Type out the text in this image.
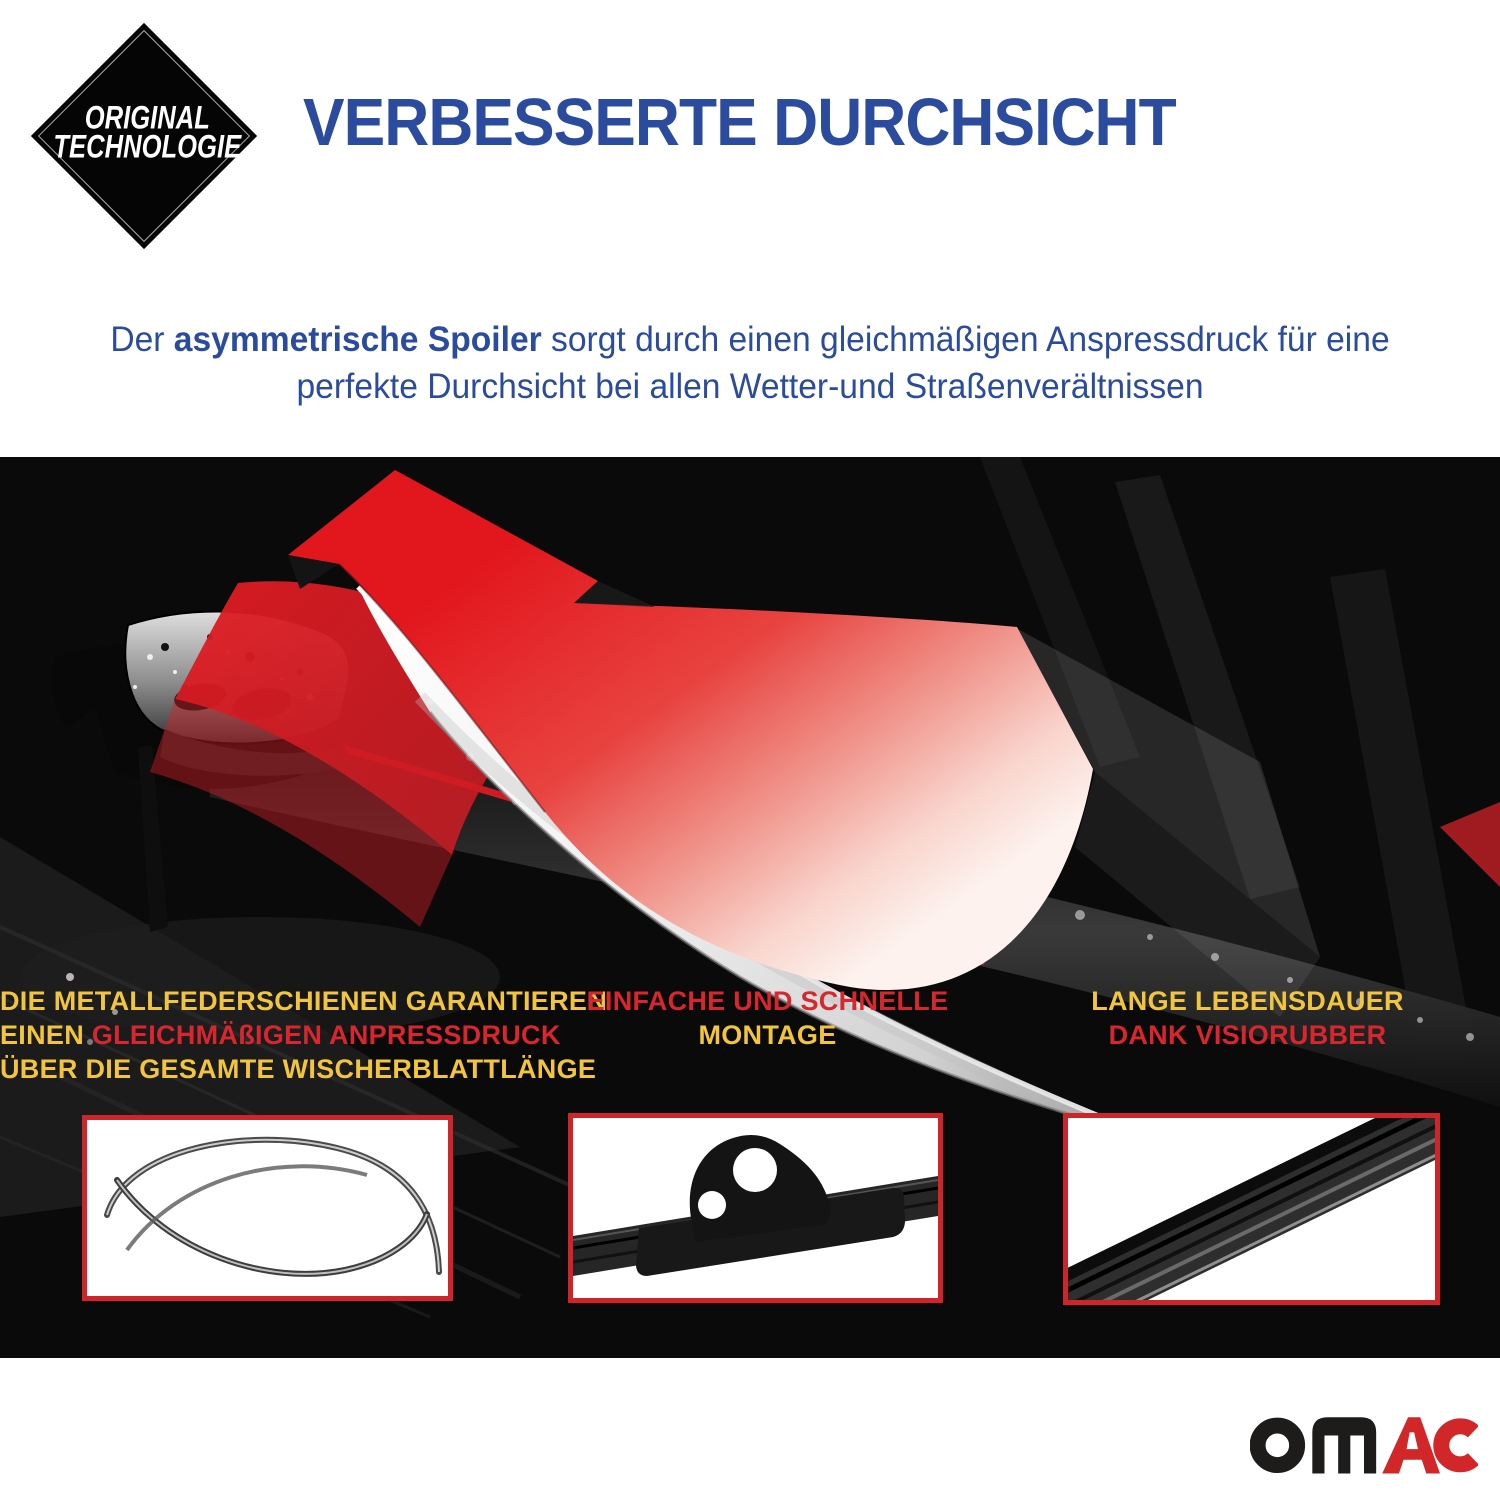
ORIGINAL
TECHNOLOGIE VERBESSERTE DURCHSICHT

Der asymmetrische Spoiler sorgt durch einen gleichmäßigen Anspressdruck für eine
perfekte Durchsicht bei allen Wetter-und Straßenverältnissen

DIE METALLFEDERSCHIENEN GARANTIEREN
EINEN GLEICHMÄßIGEN ANPRESSDRUCK
ÜBER DIE GESAMTE WISCHERBLATTLÄNGE
EINFACHE UND SCHNELLE
MONTAGE
LANGE LEBENSDAUER
DANK VISIORUBBER
